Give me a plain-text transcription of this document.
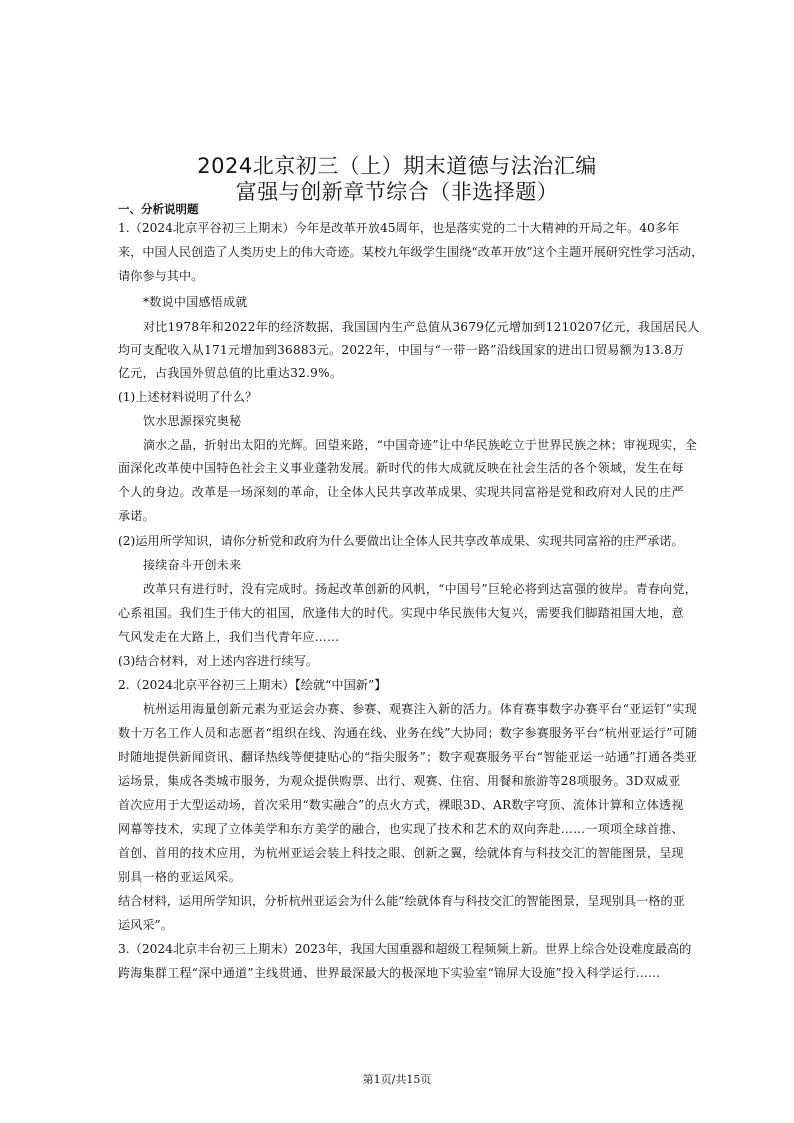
2024北京初三（上）期末道德与法治汇编
富强与创新章节综合（非选择题）
一、分析说明题
1.（2024北京平谷初三上期末）今年是改革开放45周年，也是落实党的二十大精神的开局之年。40多年
来，中国人民创造了人类历史上的伟大奇迹。某校九年级学生围绕“改革开放”这个主题开展研究性学习活动，
请你参与其中。
*数说中国感悟成就
对比1978年和2022年的经济数据，我国国内生产总值从3679亿元增加到1210207亿元，我国居民人
均可支配收入从171元增加到36883元。2022年，中国与“一带一路”沿线国家的进出口贸易额为13.8万
亿元，占我国外贸总值的比重达32.9%。
(1)上述材料说明了什么？
饮水思源探究奥秘
滴水之晶，折射出太阳的光辉。回望来路，“中国奇迹”让中华民族屹立于世界民族之林；审视现实，全
面深化改革使中国特色社会主义事业蓬勃发展。新时代的伟大成就反映在社会生活的各个领域，发生在每
个人的身边。改革是一场深刻的革命，让全体人民共享改革成果、实现共同富裕是党和政府对人民的庄严
承诺。
(2)运用所学知识，请你分析党和政府为什么要做出让全体人民共享改革成果、实现共同富裕的庄严承诺。
接续奋斗开创未来
改革只有进行时，没有完成时。扬起改革创新的风帆，“中国号”巨轮必将到达富强的彼岸。青春向党，
心系祖国。我们生于伟大的祖国，欣逢伟大的时代。实现中华民族伟大复兴，需要我们脚踏祖国大地，意
气风发走在大路上，我们当代青年应……
(3)结合材料，对上述内容进行续写。
2.（2024北京平谷初三上期末）【绘就“中国新”】
杭州运用海量创新元素为亚运会办赛、参赛、观赛注入新的活力。体育赛事数字办赛平台“亚运钉”实现
数十万名工作人员和志愿者“组织在线、沟通在线、业务在线”大协同；数字参赛服务平台“杭州亚运行”可随
时随地提供新闻资讯、翻译热线等便捷贴心的“指尖服务”；数字观赛服务平台“智能亚运一站通”打通各类亚
运场景，集成各类城市服务，为观众提供购票、出行、观赛、住宿、用餐和旅游等28项服务。3D双威亚
首次应用于大型运动场，首次采用“数实融合”的点火方式，裸眼3D、AR数字穹顶、流体计算和立体透视
网幕等技术，实现了立体美学和东方美学的融合，也实现了技术和艺术的双向奔赴……一项项全球首推、
首创、首用的技术应用，为杭州亚运会装上科技之眼、创新之翼，绘就体育与科技交汇的智能图景，呈现
别具一格的亚运风采。
结合材料，运用所学知识，分析杭州亚运会为什么能“绘就体育与科技交汇的智能图景，呈现别具一格的亚
运风采”。
3.（2024北京丰台初三上期末）2023年，我国大国重器和超级工程频频上新。世界上综合处设难度最高的
跨海集群工程“深中通道”主线贯通、世界最深最大的极深地下实验室“锦屏大设施”投入科学运行……
第1页/共15页
